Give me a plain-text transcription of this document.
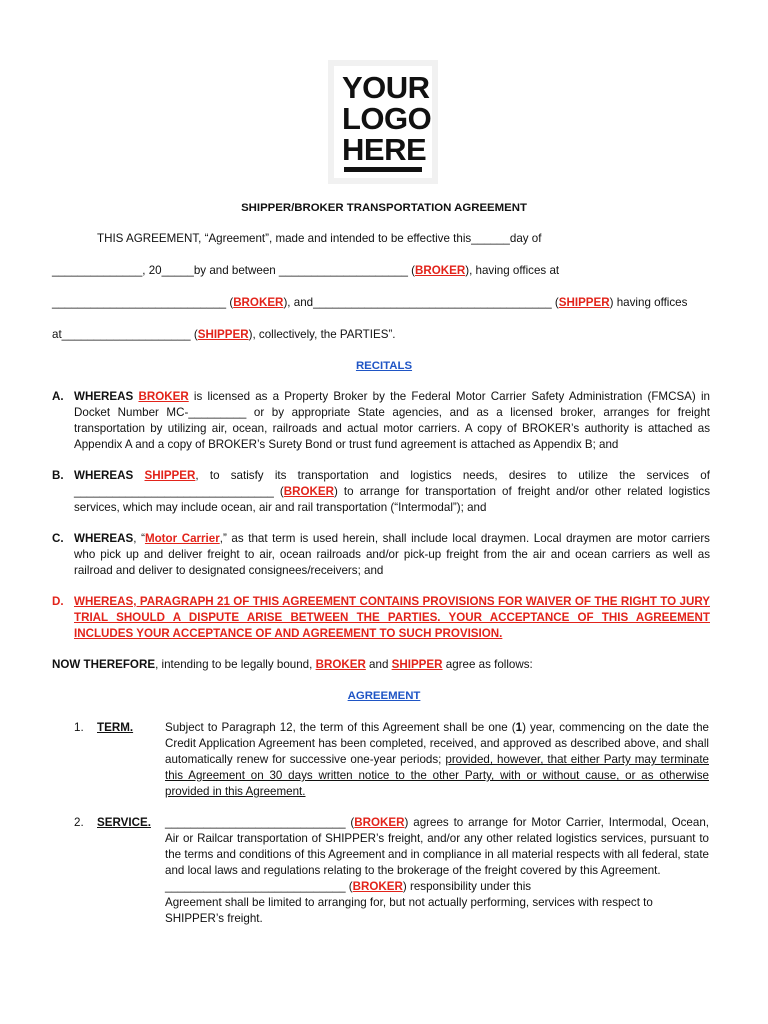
YOUR
LOGO
HERE
SHIPPER/BROKER TRANSPORTATION AGREEMENT
THIS AGREEMENT, “Agreement”, made and intended to be effective this______day of
______________, 20_____by and between ____________________ (BROKER), having offices at
___________________________ (BROKER), and_____________________________________ (SHIPPER) having offices
at____________________ (SHIPPER), collectively, the PARTIES”.
RECITALS
A. WHEREAS BROKER is licensed as a Property Broker by the Federal Motor Carrier Safety Administration (FMCSA) in Docket Number MC-_________ or by appropriate State agencies, and as a licensed broker, arranges for freight transportation by utilizing air, ocean, railroads and actual motor carriers. A copy of BROKER’s authority is attached as Appendix A and a copy of BROKER’s Surety Bond or trust fund agreement is attached as Appendix B; and

B. WHEREAS SHIPPER, to satisfy its transportation and logistics needs, desires to utilize the services of _______________________________ (BROKER) to arrange for transportation of freight and/or other related logistics services, which may include ocean, air and rail transportation (“Intermodal”); and

C. WHEREAS, “Motor Carrier,” as that term is used herein, shall include local draymen. Local draymen are motor carriers who pick up and deliver freight to air, ocean railroads and/or pick-up freight from the air and ocean carriers as well as railroad and deliver to designated consignees/receivers; and

D. WHEREAS, PARAGRAPH 21 OF THIS AGREEMENT CONTAINS PROVISIONS FOR WAIVER OF THE RIGHT TO JURY TRIAL SHOULD A DISPUTE ARISE BETWEEN THE PARTIES. YOUR ACCEPTANCE OF THIS AGREEMENT INCLUDES YOUR ACCEPTANCE OF AND AGREEMENT TO SUCH PROVISION.

NOW THEREFORE, intending to be legally bound, BROKER and SHIPPER agree as follows:
AGREEMENT
1. TERM.	Subject to Paragraph 12, the term of this Agreement shall be one (1) year, commencing on the date the Credit Application Agreement has been completed, received, and approved as described above, and shall automatically renew for successive one-year periods; provided, however, that either Party may terminate this Agreement on 30 days written notice to the other Party, with or without cause, or as otherwise provided in this Agreement.

2. SERVICE. ____________________________ (BROKER) agrees to arrange for Motor Carrier, Intermodal, Ocean, Air or Railcar transportation of SHIPPER’s freight, and/or any other related logistics services, pursuant to the terms and conditions of this Agreement and in compliance in all material respects with all federal, state and local laws and regulations relating to the brokerage of the freight covered by this Agreement.

____________________________ (BROKER) responsibility under this

Agreement shall be limited to arranging for, but not actually performing, services with respect to SHIPPER’s freight.
